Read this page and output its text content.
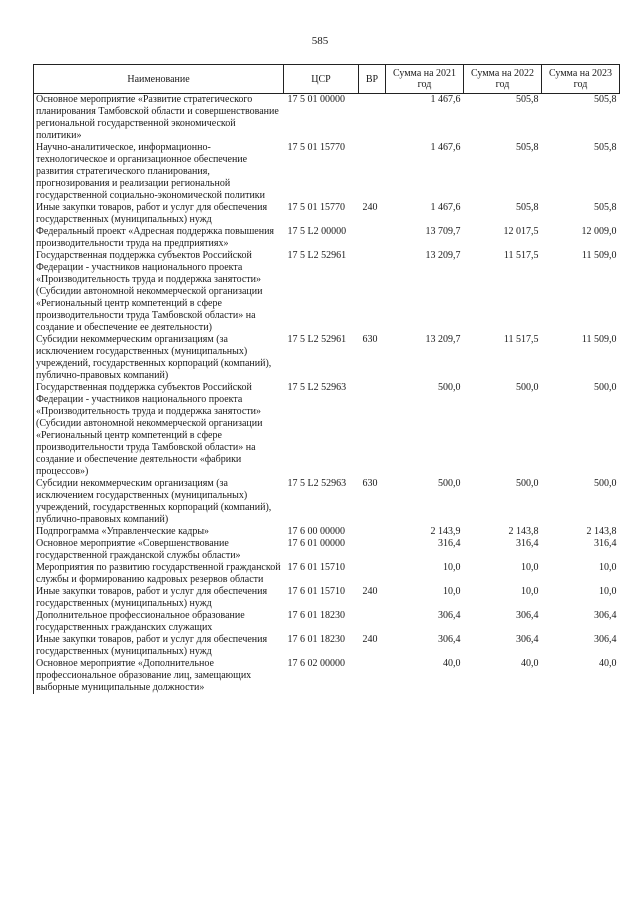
585
Наименование	ЦСР	ВР	Сумма на 2021 год	Сумма на 2022 год	Сумма на 2023 год
Основное мероприятие «Развитие стратегического планирования Тамбовской области и совершенствование региональной государственной экономической политики»	17 5 01 00000		1 467,6	505,8	505,8
Научно-аналитическое, информационно-технологическое и организационное обеспечение развития стратегического планирования, прогнозирования и реализации региональной государственной социально-экономической политики	17 5 01 15770		1 467,6	505,8	505,8
Иные закупки товаров, работ и услуг для обеспечения государственных (муниципальных) нужд	17 5 01 15770	240	1 467,6	505,8	505,8
Федеральный проект «Адресная поддержка повышения производительности труда на предприятиях»	17 5 L2 00000		13 709,7	12 017,5	12 009,0
Государственная поддержка субъектов Российской Федерации - участников национального проекта «Производительность труда и поддержка занятости» (Субсидии автономной некоммерческой организации «Региональный центр компетенций в сфере производительности труда Тамбовской области» на создание и обеспечение ее деятельности)	17 5 L2 52961		13 209,7	11 517,5	11 509,0
Субсидии некоммерческим организациям (за исключением государственных (муниципальных) учреждений, государственных корпораций (компаний), публично-правовых компаний)	17 5 L2 52961	630	13 209,7	11 517,5	11 509,0
Государственная поддержка субъектов Российской Федерации - участников национального проекта «Производительность труда и поддержка занятости» (Субсидии автономной некоммерческой организации «Региональный центр компетенций в сфере производительности труда Тамбовской области» на создание и обеспечение деятельности «фабрики процессов»)	17 5 L2 52963		500,0	500,0	500,0
Субсидии некоммерческим организациям (за исключением государственных (муниципальных) учреждений, государственных корпораций (компаний), публично-правовых компаний)	17 5 L2 52963	630	500,0	500,0	500,0
Подпрограмма «Управленческие кадры»	17 6 00 00000		2 143,9	2 143,8	2 143,8
Основное мероприятие «Совершенствование государственной гражданской службы области»	17 6 01 00000		316,4	316,4	316,4
Мероприятия по развитию государственной гражданской службы и формированию кадровых резервов области	17 6 01 15710		10,0	10,0	10,0
Иные закупки товаров, работ и услуг для обеспечения государственных (муниципальных) нужд	17 6 01 15710	240	10,0	10,0	10,0
Дополнительное профессиональное образование государственных гражданских служащих	17 6 01 18230		306,4	306,4	306,4
Иные закупки товаров, работ и услуг для обеспечения государственных (муниципальных) нужд	17 6 01 18230	240	306,4	306,4	306,4
Основное мероприятие «Дополнительное профессиональное образование лиц, замещающих выборные муниципальные должности»	17 6 02 00000		40,0	40,0	40,0
